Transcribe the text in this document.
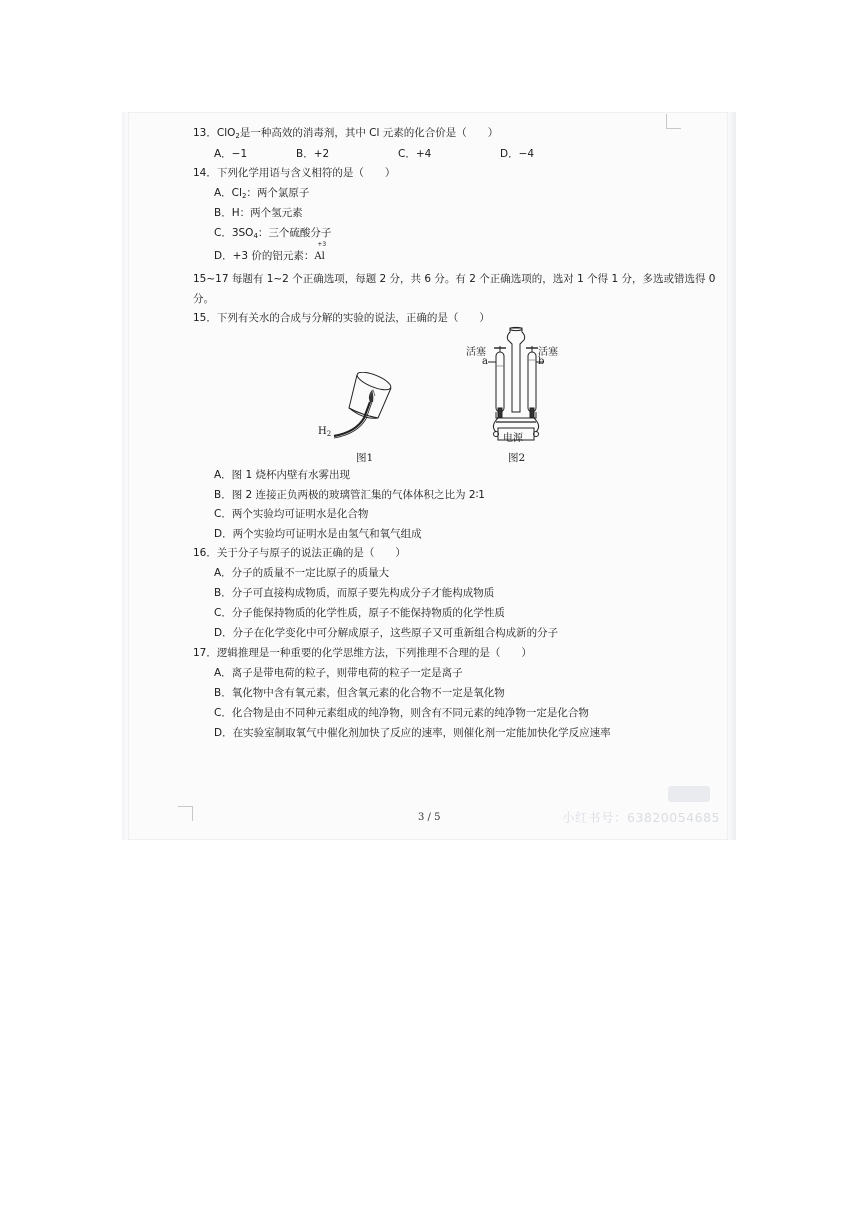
13．ClO$_2$是一种高效的消毒剂，其中 Cl 元素的化合价是（　　）
A．−1	B．+2	C．+4	D．−4
14．下列化学用语与含义相符的是（　　）
A．$Cl_2$：两个氯原子
B．H：两个氢元素
C．$3SO_4$：三个硫酸分子
D．+3 价的铝元素：
+3
Al
15~17 每题有 1~2 个正确选项，每题 2 分，共 6 分。有 2 个正确选项的，选对 1 个得 1 分，多选或错选得 0
分。
15．下列有关水的合成与分解的实验的说法，正确的是（　　）
$H_2$
图1
活塞	活塞
a	b
电源
图2
A．图 1 烧杯内壁有水雾出现
B．图 2 连接正负两极的玻璃管汇集的气体体积之比为 2∶1
C．两个实验均可证明水是化合物
D．两个实验均可证明水是由氢气和氧气组成
16．关于分子与原子的说法正确的是（　　）
A．分子的质量不一定比原子的质量大
B．分子可直接构成物质，而原子要先构成分子才能构成物质
C．分子能保持物质的化学性质，原子不能保持物质的化学性质
D．分子在化学变化中可分解成原子，这些原子又可重新组合构成新的分子
17．逻辑推理是一种重要的化学思维方法，下列推理不合理的是（　　）
A．离子是带电荷的粒子，则带电荷的粒子一定是离子
B．氧化物中含有氧元素，但含氧元素的化合物不一定是氧化物
C．化合物是由不同种元素组成的纯净物，则含有不同元素的纯净物一定是化合物
D．在实验室制取氧气中催化剂加快了反应的速率，则催化剂一定能加快化学反应速率
3 / 5	小红书号：63820054685
